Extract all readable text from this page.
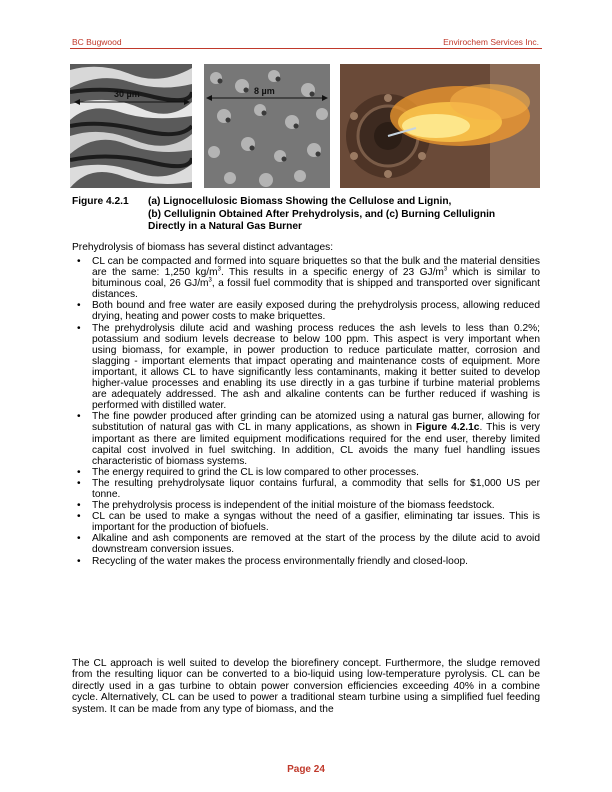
BC Bugwood	Envirochem Services Inc.
30 µm	8 µm
Figure 4.2.1 (a) Lignocellulosic Biomass Showing the Cellulose and Lignin,
(b) Cellulignin Obtained After Prehydrolysis, and (c) Burning Cellulignin
Directly in a Natural Gas Burner
Prehydrolysis of biomass has several distinct advantages:
• CL can be compacted and formed into square briquettes so that the bulk and the material densities are the same: 1,250 $kg/m^3$. This results in a specific energy of 23 $GJ/m^3$ which is similar to bituminous coal, 26 $GJ/m^3$, a fossil fuel commodity that is shipped and transported over significant distances.
• Both bound and free water are easily exposed during the prehydrolysis process, allowing reduced drying, heating and power costs to make briquettes.
• The prehydrolysis dilute acid and washing process reduces the ash levels to less than 0.2%; potassium and sodium levels decrease to below 100 ppm. This aspect is very important when using biomass, for example, in power production to reduce particulate matter, corrosion and slagging - important elements that impact operating and maintenance costs of equipment. More important, it allows CL to have significantly less contaminants, making it better suited to develop higher-value processes and enabling its use directly in a gas turbine if turbine material problems are adequately addressed. The ash and alkaline contents can be further reduced if washing is performed with distilled water.
• The fine powder produced after grinding can be atomized using a natural gas burner, allowing for substitution of natural gas with CL in many applications, as shown in Figure 4.2.1c. This is very important as there are limited equipment modifications required for the end user, thereby limited capital cost involved in fuel switching. In addition, CL avoids the many fuel handling issues characteristic of biomass systems.
• The energy required to grind the CL is low compared to other processes.
• The resulting prehydrolysate liquor contains furfural, a commodity that sells for $1,000 US per tonne.
• The prehydrolysis process is independent of the initial moisture of the biomass feedstock.
• CL can be used to make a syngas without the need of a gasifier, eliminating tar issues. This is important for the production of biofuels.
• Alkaline and ash components are removed at the start of the process by the dilute acid to avoid downstream conversion issues.
• Recycling of the water makes the process environmentally friendly and closed-loop.
The CL approach is well suited to develop the biorefinery concept. Furthermore, the sludge removed from the resulting liquor can be converted to a bio-liquid using low-temperature pyrolysis. CL can be directly used in a gas turbine to obtain power conversion efficiencies exceeding 40% in a combine cycle. Alternatively, CL can be used to power a traditional steam turbine using a simplified fuel feeding system. It can be made from any type of biomass, and the
Page 24
